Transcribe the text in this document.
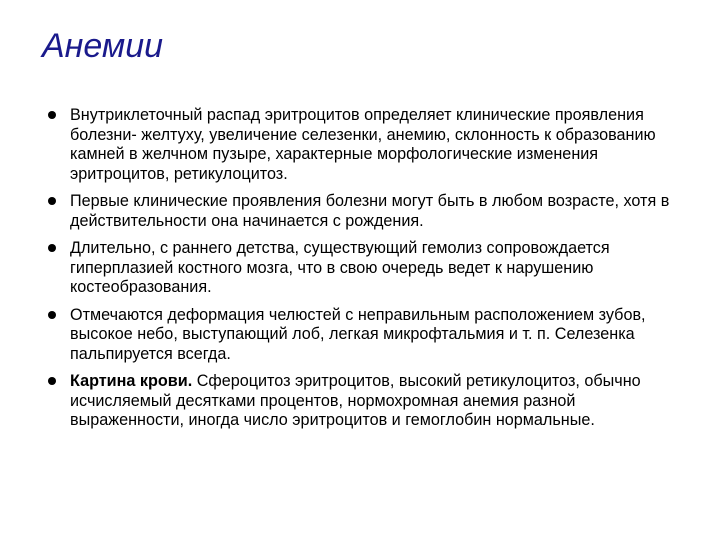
Анемии
Внутриклеточный распад эритроцитов определяет клинические проявления болезни- желтуху, увеличение селезенки, анемию, склонность к образованию камней в желчном пузыре, характерные морфологические изменения эритроцитов, ретикулоцитоз.
Первые клинические проявления болезни могут быть в любом возрасте, хотя в действительности она начинается с рождения.
Длительно, с раннего детства, существующий гемолиз сопровождается гиперплазией костного мозга, что в свою очередь ведет к нарушению костеобразования.
Отмечаются деформация челюстей с неправильным расположением зубов, высокое небо, выступающий лоб, легкая микрофтальмия и т. п. Селезенка пальпируется всегда.
Картина крови. Сфероцитоз эритроцитов, высокий ретикулоцитоз, обычно исчисляемый десятками процентов, нормохромная анемия разной выраженности, иногда число эритроцитов и гемоглобин нормальные.
